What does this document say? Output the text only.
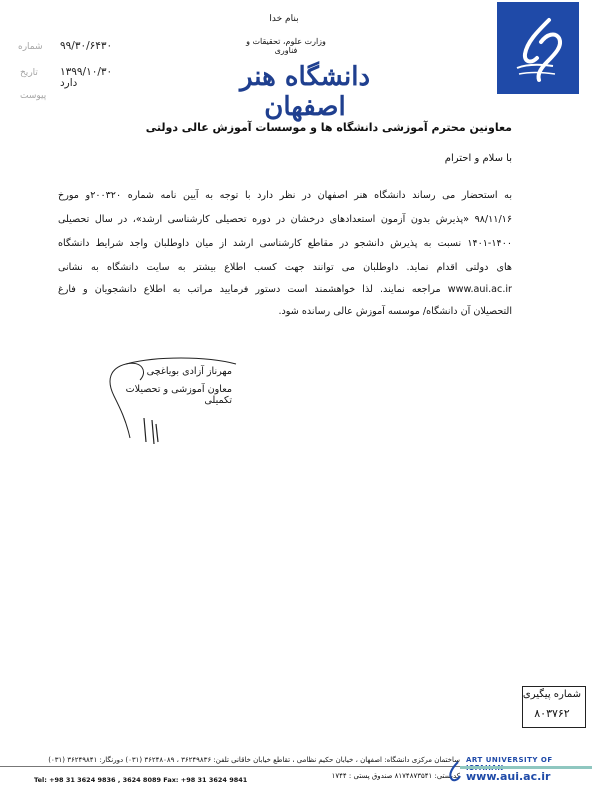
بنام خدا
وزارت علوم، تحقیقات و فناوری
دانشگاه هنر اصفهان
۹۹/۳۰/۶۴۳۰
شماره
۱۳۹۹/۱۰/۳۰
تاریخ
دارد
پیوست
معاونین محترم آموزشی دانشگاه ها و موسسات آموزش عالی دولتی
با سلام و احترام
به استحضار می رساند دانشگاه هنر اصفهان در نظر دارد با توجه به آیین نامه شماره ۲۰۰۳۲۰و مورخ
۹۸/۱۱/۱۶ «پذیرش بدون آزمون استعدادهای درخشان در دوره تحصیلی کارشناسی ارشد»، در سال تحصیلی
۱۴۰۱-۱۴۰۰ نسبت به پذیرش دانشجو در مقاطع کارشناسی ارشد از میان داوطلبان واجد شرایط دانشگاه
های دولتی اقدام نماید. داوطلبان می توانند جهت کسب اطلاع بیشتر به سایت دانشگاه به نشانی
www.aui.ac.ir مراجعه نمایند. لذا خواهشمند است دستور فرمایید مراتب به اطلاع دانشجویان و فارغ
التحصیلان آن دانشگاه/ موسسه آموزش عالی رسانده شود.
مهرناز آزادی بویاغچی
معاون آموزشی و تحصیلات تکمیلی
شماره پیگیری
۸۰۳۷۶۲
ساختمان مرکزی دانشگاه: اصفهان ، خیابان حکیم نظامی ، تقاطع خیابان خاقانی تلفن: ۳۶۲۴۹۸۳۶ ، ۳۶۲۴۸۰۸۹ (۰۳۱) دورنگار: ۳۶۲۴۹۸۴۱ (۰۳۱)
کدپستی: ۸۱۷۴۸۷۳۵۴۱ صندوق پستی : ۱۷۴۴
Tel: +98 31 3624 9836 , 3624 8089 Fax: +98 31 3624 9841
ART UNIVERSITY OF
www.aui.ac.ir
